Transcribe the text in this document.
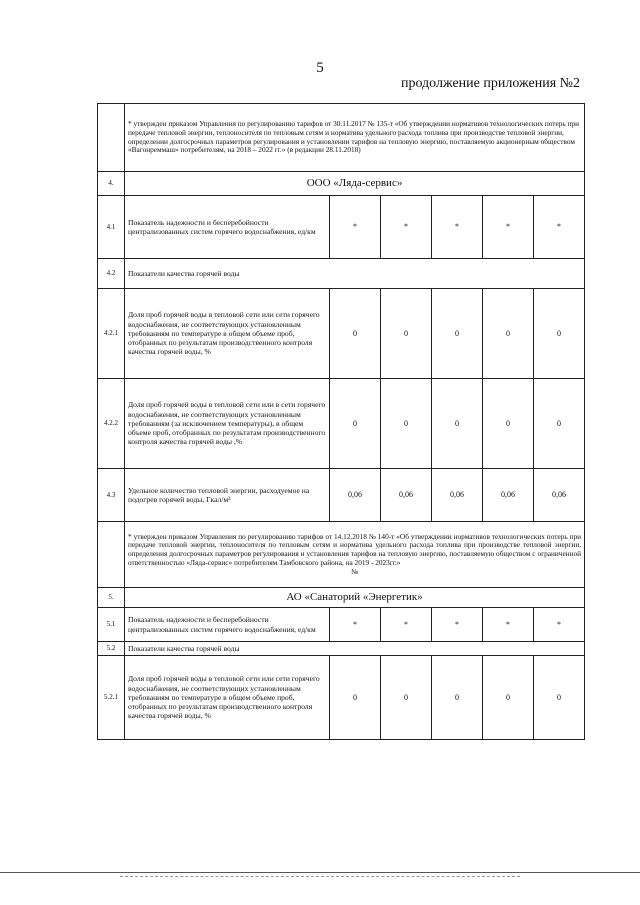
5
продолжение приложения №2
	* утвержден приказом Управления по регулированию тарифов от 30.11.2017 № 135-т «Об утверждении нормативов технологических потерь при передаче тепловой энергии, теплоносителя по тепловым сетям и норматива удельного расхода топлива при производстве тепловой энергии, определении долгосрочных параметров регулирования и установлении тарифов на тепловую энергию, поставляемую акционерным обществом «Вагонреммаш» потребителям, на 2018 – 2022 гг.» (в редакции 28.11.2018)					
4.	ООО «Ляда-сервис»					
4.1	Показатель надежности и бесперебойности централизованных систем горячего водоснабжения, ед/км	*	*	*	*	*
4.2	Показатели качества горячей воды					
4.2.1	Доля проб горячей воды в тепловой сети или сети горячего водоснабжения, не соответствующих установленным требованиям по температуре в общем объеме проб, отобранных по результатам производственного контроля качества горячей воды, %	0	0	0	0	0
4.2.2	Доля проб горячей воды в тепловой сети или в сети горячего водоснабжения, не соответствующих установленным требованиям (за исключением температуры), в общем объеме проб, отобранных по результатам производственного контроля качества горячей воды ,%	0	0	0	0	0
4.3	Удельное количество тепловой энергии, расходуемое на подогрев горячей воды, Гкал/м³	0,06	0,06	0,06	0,06	0,06
	* утвержден приказом Управления по регулированию тарифов от 14.12.2018 № 140-т «Об утверждении нормативов технологических потерь при передаче тепловой энергии, теплоносителя по тепловым сетям и норматива удельного расхода топлива при производстве тепловой энергии, определения долгосрочных параметров регулирования и установления тарифов на тепловую энергию, поставляемую обществом с ограниченной ответственностью «Ляда-сервис» потребителям Тамбовского района, на 2019 - 2023гг.»
№					

5.	АО «Санаторий «Энергетик»					
5.1	Показатель надежности и бесперебойности централизованных систем горячего водоснабжения, ед/км	*	*	*	*	*
5.2	Показатели качества горячей воды					
5.2.1	Доля проб горячей воды в тепловой сети или сети горячего водоснабжения, не соответствующих установленным требованиям по температуре в общем объеме проб, отобранных по результатам производственного контроля качества горячей воды, %	0	0	0	0	0
